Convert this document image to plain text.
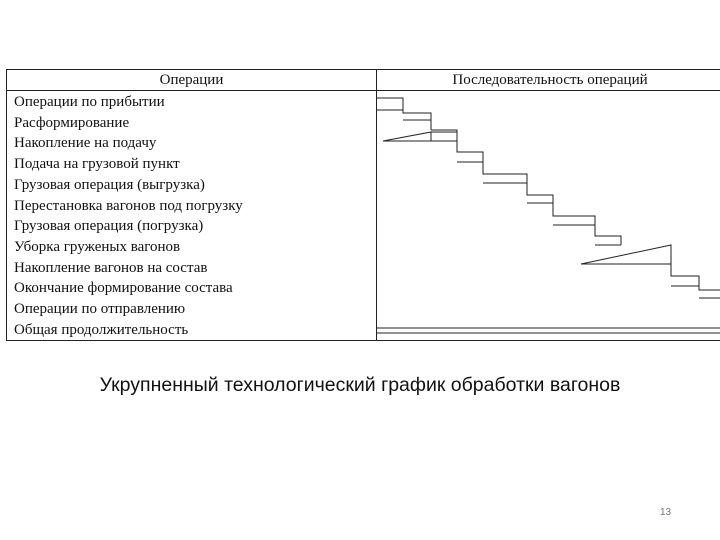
Операции	Последовательность операций
Операции по прибытии
Расформирование
Накопление на подачу
Подача на грузовой пункт
Грузовая операция (выгрузка)
Перестановка вагонов под погрузку
Грузовая операция (погрузка)
Уборка груженых вагонов
Накопление вагонов на состав
Окончание формирование состава
Операции по отправлению
Общая продолжительность
Укрупненный технологический график обработки вагонов
13
